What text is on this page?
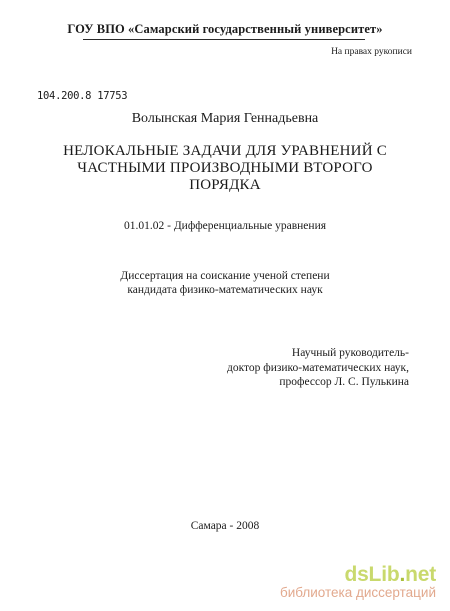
ГОУ ВПО «Самарский государственный университет»
На правах рукописи
104.200.8 17753
Волынская Мария Геннадьевна
НЕЛОКАЛЬНЫЕ ЗАДАЧИ ДЛЯ УРАВНЕНИЙ С
ЧАСТНЫМИ ПРОИЗВОДНЫМИ ВТОРОГО
ПОРЯДКА
01.01.02 - Дифференциальные уравнения
Диссертация на соискание ученой степени
кандидата физико-математических наук
Научный руководитель-
доктор физико-математических наук,
профессор Л. С. Пулькина
Самара - 2008
dsLib.net
библиотека диссертаций
